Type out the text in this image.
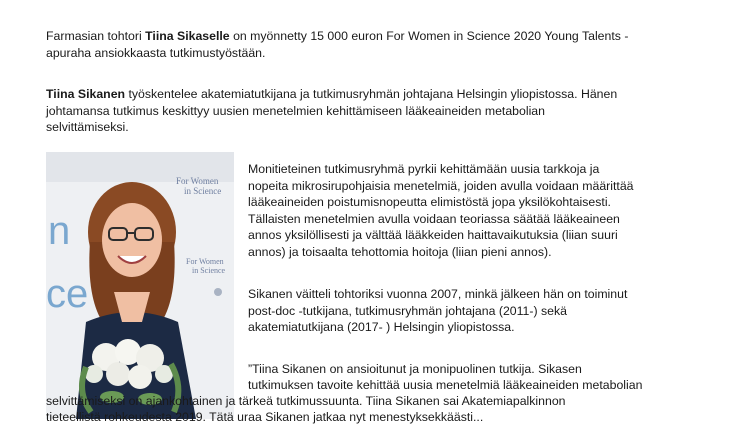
Farmasian tohtori Tiina Sikaselle on myönnetty 15 000 euron For Women in Science 2020 Young Talents -
apuraha ansiokkaasta tutkimustyöstään.

Tiina Sikanen työskentelee akatemiatutkijana ja tutkimusryhmän johtajana Helsingin yliopistossa. Hänen
johtamansa tutkimus keskittyy uusien menetelmien kehittämiseen lääkeaineiden metabolian
selvittämiseksi.

For Women
in Science
For Women
in Science
n
ce

Monitieteinen tutkimusryhmä pyrkii kehittämään uusia tarkkoja ja
nopeita mikrosirupohjaisia menetelmiä, joiden avulla voidaan määrittää
lääkeaineiden poistumisnopeutta elimistöstä jopa yksilökohtaisesti.
Tällaisten menetelmien avulla voidaan teoriassa säätää lääkeaineen
annos yksilöllisesti ja välttää lääkkeiden haittavaikutuksia (liian suuri
annos) ja toisaalta tehottomia hoitoja (liian pieni annos).

Sikanen väitteli tohtoriksi vuonna 2007, minkä jälkeen hän on toiminut
post-doc -tutkijana, tutkimusryhmän johtajana (2011-) sekä
akatemiatutkijana (2017- ) Helsingin yliopistossa.

”Tiina Sikanen on ansioitunut ja monipuolinen tutkija. Sikasen
tutkimuksen tavoite kehittää uusia menetelmiä lääkeaineiden metabolian
selvittämiseksi on ajankohtainen ja tärkeä tutkimussuunta. Tiina Sikanen sai Akatemiapalkinnon
tieteellistä rohkeudesta 2019. Tätä uraa Sikanen jatkaa nyt menestyksekkäästi...
